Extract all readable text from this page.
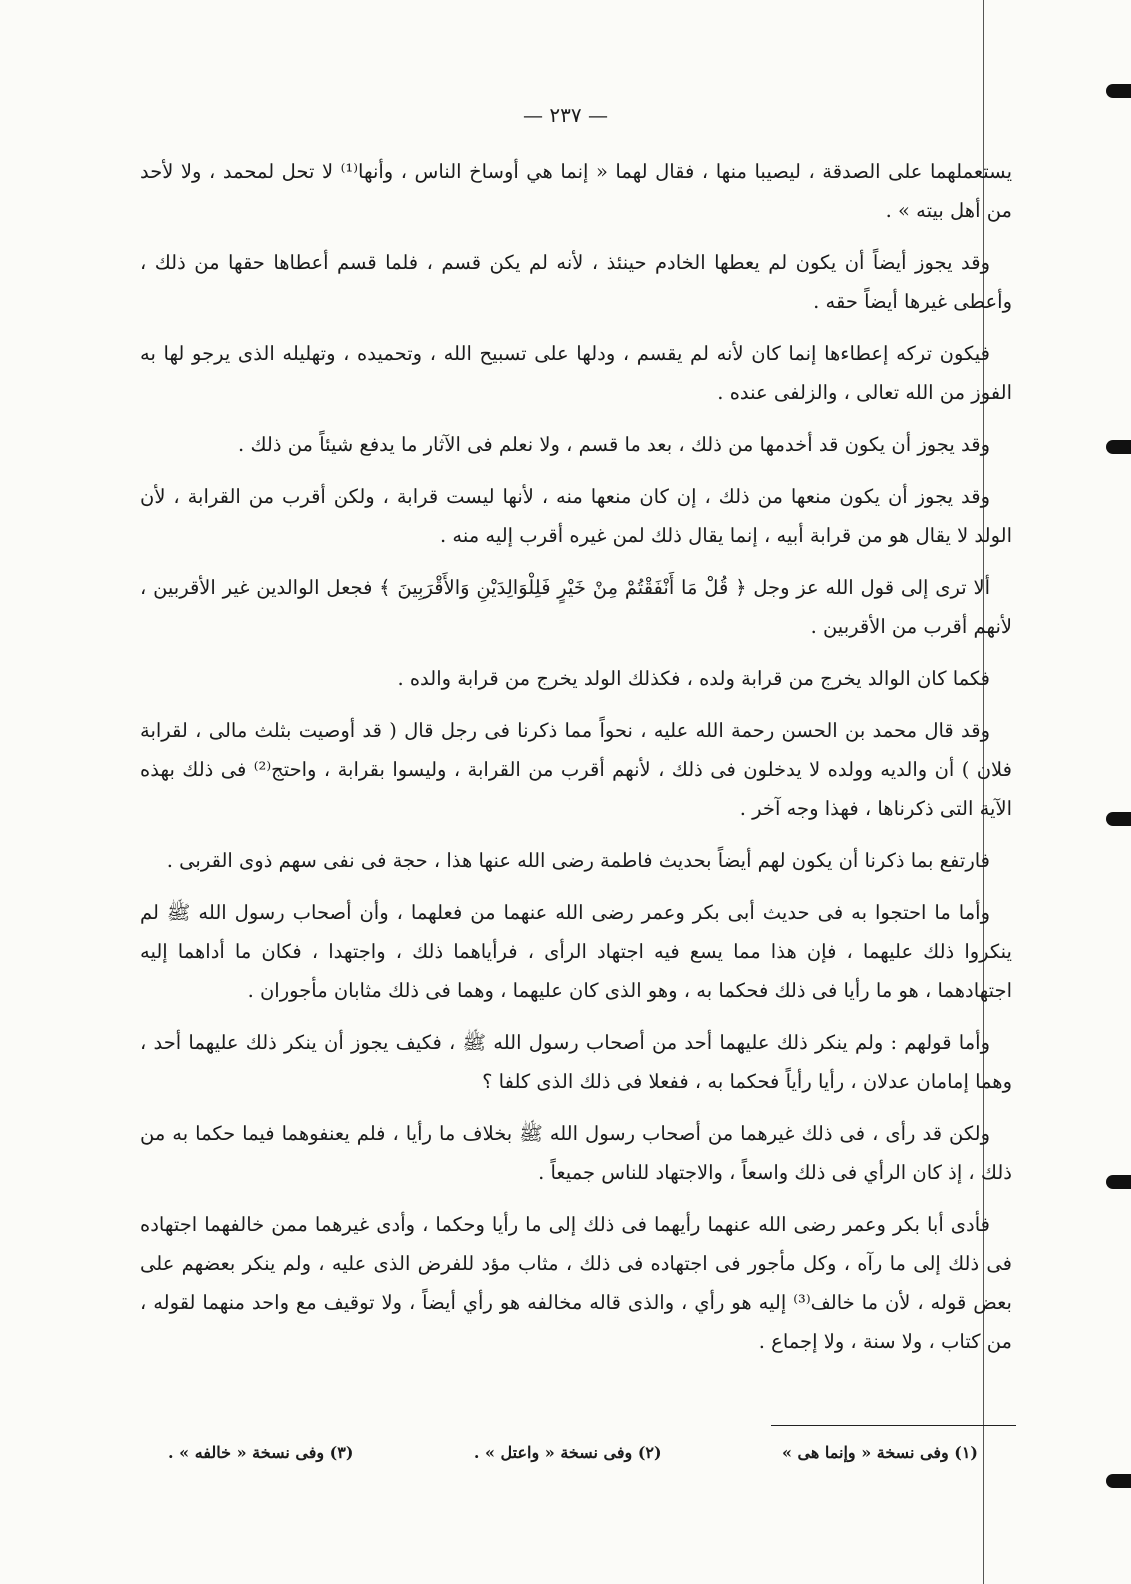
— ٢٣٧ —

يستعملهما على الصدقة ، ليصيبا منها ، فقال لهما « إنما هي أوساخ الناس ، وأنها⁽¹⁾ لا تحل لمحمد ، ولا لأحد من أهل بيته » .

وقد يجوز أيضاً أن يكون لم يعطها الخادم حينئذ ، لأنه لم يكن قسم ، فلما قسم أعطاها حقها من ذلك ، وأعطى غيرها أيضاً حقه .

فيكون تركه إعطاءها إنما كان لأنه لم يقسم ، ودلها على تسبيح الله ، وتحميده ، وتهليله الذى يرجو لها به الفوز من الله تعالى ، والزلفى عنده .

وقد يجوز أن يكون قد أخدمها من ذلك ، بعد ما قسم ، ولا نعلم فى الآثار ما يدفع شيئاً من ذلك .

وقد يجوز أن يكون منعها من ذلك ، إن كان منعها منه ، لأنها ليست قرابة ، ولكن أقرب من القرابة ، لأن الولد لا يقال هو من قرابة أبيه ، إنما يقال ذلك لمن غيره أقرب إليه منه .

ألا ترى إلى قول الله عز وجل ﴿ قُلْ مَا أَنْفَقْتُمْ مِنْ خَيْرٍ فَلِلْوَالِدَيْنِ وَالأَقْرَبِينَ ﴾ فجعل الوالدين غير الأقربين ، لأنهم أقرب من الأقربين .

فكما كان الوالد يخرج من قرابة ولده ، فكذلك الولد يخرج من قرابة والده .

وقد قال محمد بن الحسن رحمة الله عليه ، نحواً مما ذكرنا فى رجل قال ( قد أوصيت بثلث مالى ، لقرابة فلان ) أن والديه وولده لا يدخلون فى ذلك ، لأنهم أقرب من القرابة ، وليسوا بقرابة ، واحتج⁽²⁾ فى ذلك بهذه الآية التى ذكرناها ، فهذا وجه آخر .

فارتفع بما ذكرنا أن يكون لهم أيضاً بحديث فاطمة رضى الله عنها هذا ، حجة فى نفى سهم ذوى القربى .

وأما ما احتجوا به فى حديث أبى بكر وعمر رضى الله عنهما من فعلهما ، وأن أصحاب رسول الله ﷺ لم ينكروا ذلك عليهما ، فإن هذا مما يسع فيه اجتهاد الرأى ، فرأياهما ذلك ، واجتهدا ، فكان ما أداهما إليه اجتهادهما ، هو ما رأيا فى ذلك فحكما به ، وهو الذى كان عليهما ، وهما فى ذلك مثابان مأجوران .

وأما قولهم : ولم ينكر ذلك عليهما أحد من أصحاب رسول الله ﷺ ، فكيف يجوز أن ينكر ذلك عليهما أحد ، وهما إمامان عدلان ، رأيا رأياً فحكما به ، ففعلا فى ذلك الذى كلفا ؟

ولكن قد رأى ، فى ذلك غيرهما من أصحاب رسول الله ﷺ بخلاف ما رأيا ، فلم يعنفوهما فيما حكما به من ذلك ، إذ كان الرأي فى ذلك واسعاً ، والاجتهاد للناس جميعاً .

فأدى أبا بكر وعمر رضى الله عنهما رأيهما فى ذلك إلى ما رأيا وحكما ، وأدى غيرهما ممن خالفهما اجتهاده فى ذلك إلى ما رآه ، وكل مأجور فى اجتهاده فى ذلك ، مثاب مؤد للفرض الذى عليه ، ولم ينكر بعضهم على بعض قوله ، لأن ما خالف⁽³⁾ إليه هو رأي ، والذى قاله مخالفه هو رأي أيضاً ، ولا توقيف مع واحد منهما لقوله ، من كتاب ، ولا سنة ، ولا إجماع .

(١) وفى نسخة « وإنما هى »
(٢) وفى نسخة « واعتل » .
(٣) وفى نسخة « خالفه » .
